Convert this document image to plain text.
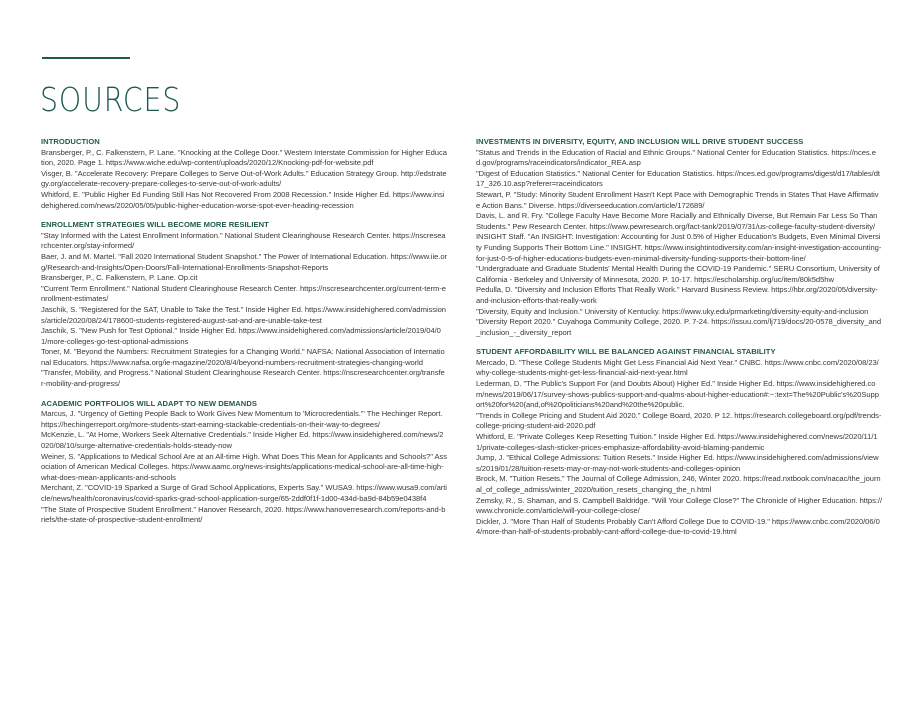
SOURCES
INTRODUCTION
Bransberger, P., C. Falkenstern, P. Lane. "Knocking at the College Door." Western Interstate Commission for Higher Education, 2020. Page 1. https://www.wiche.edu/wp-content/uploads/2020/12/Knocking-pdf-for-website.pdf
Visger, B. "Accelerate Recovery: Prepare Colleges to Serve Out-of-Work Adults." Education Strategy Group. http://edstrategy.org/accelerate-recovery-prepare-colleges-to-serve-out-of-work-adults/
Whitford, E. "Public Higher Ed Funding Still Has Not Recovered From 2008 Recession." Inside Higher Ed. https://www.insidehighered.com/news/2020/05/05/public-higher-education-worse-spot-ever-heading-recession
ENROLLMENT STRATEGIES WILL BECOME MORE RESILIENT
"Stay Informed with the Latest Enrollment Information." National Student Clearinghouse Research Center. https://nscresearchcenter.org/stay-informed/
Baer, J. and M. Martel. "Fall 2020 International Student Snapshot." The Power of International Education. https://www.iie.org/Research-and-Insights/Open-Doors/Fall-International-Enrollments-Snapshot-Reports
Bransberger, P., C. Falkenstern, P. Lane. Op.cit
"Current Term Enrollment." National Student Clearinghouse Research Center. https://nscresearchcenter.org/current-term-enrollment-estimates/
Jaschik, S. "Registered for the SAT, Unable to Take the Test." Inside Higher Ed. https://www.insidehighered.com/admissions/article/2020/08/24/178600-students-registered-august-sat-and-are-unable-take-test
Jaschik, S. "New Push for Test Optional." Inside Higher Ed. https://www.insidehighered.com/admissions/article/2019/04/01/more-colleges-go-test-optional-admissions
Toner, M. "Beyond the Numbers: Recruitment Strategies for a Changing World." NAFSA: National Association of International Educators. https://www.nafsa.org/ie-magazine/2020/8/4/beyond-numbers-recruitment-strategies-changing-world
"Transfer, Mobility, and Progress." National Student Clearinghouse Research Center. https://nscresearchcenter.org/transfer-mobility-and-progress/
ACADEMIC PORTFOLIOS WILL ADAPT TO NEW DEMANDS
Marcus, J. "Urgency of Getting People Back to Work Gives New Momentum to 'Microcredentials.'" The Hechinger Report. https://hechingerreport.org/more-students-start-earning-stackable-credentials-on-their-way-to-degrees/
McKenzie, L. "At Home, Workers Seek Alternative Credentials." Inside Higher Ed. https://www.insidehighered.com/news/2020/08/10/surge-alternative-credentials-holds-steady-now
Weiner, S. "Applications to Medical School Are at an All-time High. What Does This Mean for Applicants and Schools?" Association of American Medical Colleges. https://www.aamc.org/news-insights/applications-medical-school-are-all-time-high-what-does-mean-applicants-and-schools
Merchant, Z. "COVID-19 Sparked a Surge of Grad School Applications, Experts Say." WUSA9. https://www.wusa9.com/article/news/health/coronavirus/covid-sparks-grad-school-application-surge/65-2ddf0f1f-1d00-434d-ba9d-84b59e0438f4
"The State of Prospective Student Enrollment." Hanover Research, 2020. https://www.hanoverresearch.com/reports-and-briefs/the-state-of-prospective-student-enrollment/
INVESTMENTS IN DIVERSITY, EQUITY, AND INCLUSION WILL DRIVE STUDENT SUCCESS
"Status and Trends in the Education of Racial and Ethnic Groups." National Center for Education Statistics. https://nces.ed.gov/programs/raceindicators/indicator_REA.asp
"Digest of Education Statistics." National Center for Education Statistics. https://nces.ed.gov/programs/digest/d17/tables/dt17_326.10.asp?referer=raceindicators
Stewart, P. "Study: Minority Student Enrollment Hasn't Kept Pace with Demographic Trends in States That Have Affirmative Action Bans." Diverse. https://diverseeducation.com/article/172689/
Davis, L. and R. Fry. "College Faculty Have Become More Racially and Ethnically Diverse, But Remain Far Less So Than Students." Pew Research Center. https://www.pewresearch.org/fact-tank/2019/07/31/us-college-faculty-student-diversity/
INSIGHT Staff. "An INSIGHT: Investigation: Accounting for Just 0.5% of Higher Education's Budgets, Even Minimal Diversity Funding Supports Their Bottom Line." INSIGHT. https://www.insightintodiversity.com/an-insight-investigation-accounting-for-just-0-5-of-higher-educations-budgets-even-minimal-diversity-funding-supports-their-bottom-line/
"Undergraduate and Graduate Students' Mental Health During the COVID-19 Pandemic." SERU Consortium, University of California - Berkeley and University of Minnesota, 2020. P. 10-17. https://escholarship.org/uc/item/80k5d5hw
Pedulla, D. "Diversity and Inclusion Efforts That Really Work." Harvard Business Review. https://hbr.org/2020/05/diversity-and-inclusion-efforts-that-really-work
"Diversity, Equity and Inclusion." University of Kentucky. https://www.uky.edu/prmarketing/diversity-equity-and-inclusion
"Diversity Report 2020." Cuyahoga Community College, 2020. P. 7-24. https://issuu.com/lj719/docs/20-0578_diversity_and_inclusion_-_diversity_report
STUDENT AFFORDABILITY WILL BE BALANCED AGAINST FINANCIAL STABILITY
Mercado, D. "These College Students Might Get Less Financial Aid Next Year." CNBC. https://www.cnbc.com/2020/08/23/why-college-students-might-get-less-financial-aid-next-year.html
Lederman, D. "The Public's Support For (and Doubts About) Higher Ed." Inside Higher Ed. https://www.insidehighered.com/news/2019/06/17/survey-shows-publics-support-and-qualms-about-higher-education#:~:text=The%20Public's%20Support%20for%20(and,of%20politicians%20and%20the%20public.
"Trends in College Pricing and Student Aid 2020." College Board, 2020. P 12. https://research.collegeboard.org/pdf/trends-college-pricing-student-aid-2020.pdf
Whitford, E. "Private Colleges Keep Resetting Tuition." Inside Higher Ed. https://www.insidehighered.com/news/2020/11/11/private-colleges-slash-sticker-prices-emphasize-affordability-avoid-blaming-pandemic
Jump, J. "Ethical College Admissions: Tuition Resets." Inside Higher Ed. https://www.insidehighered.com/admissions/views/2019/01/28/tuition-resets-may-or-may-not-work-students-and-colleges-opinion
Brock, M. "Tuition Resets." The Journal of College Admission, 246, Winter 2020. https://read.nxtbook.com/nacac/the_journal_of_college_admiss/winter_2020/tuition_resets_changing_the_n.html
Zemsky, R., S. Shaman, and S. Campbell Baldridge. "Will Your College Close?" The Chronicle of Higher Education. https://www.chronicle.com/article/will-your-college-close/
Dickler, J. "More Than Half of Students Probably Can't Afford College Due to COVID-19." https://www.cnbc.com/2020/06/04/more-than-half-of-students-probably-cant-afford-college-due-to-covid-19.html
